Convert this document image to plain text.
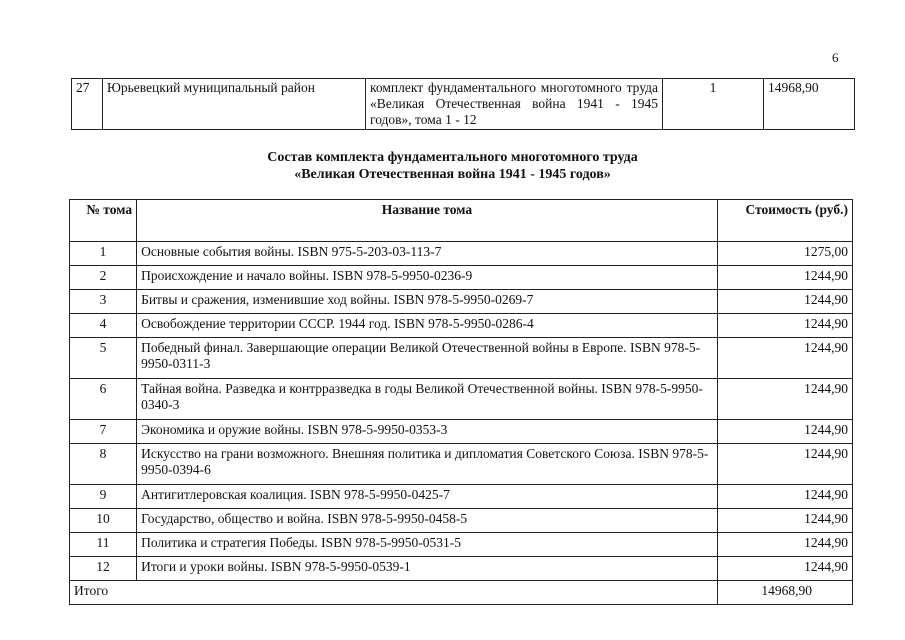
6
27	Юрьевецкий муниципальный район	комплект фундаментального многотомного труда «Великая Отечественная война 1941 - 1945 годов», тома 1 - 12	1	14968,90
Состав комплекта фундаментального многотомного труда
«Великая Отечественная война 1941 - 1945 годов»
№ тома	Название тома	Стоимость (руб.)
1	Основные события войны. ISBN 975-5-203-03-113-7	1275,00
2	Происхождение и начало войны. ISBN 978-5-9950-0236-9	1244,90
3	Битвы и сражения, изменившие ход войны. ISBN 978-5-9950-0269-7	1244,90
4	Освобождение территории СССР. 1944 год. ISBN 978-5-9950-0286-4	1244,90
5	Победный финал. Завершающие операции Великой Отечественной войны в Европе. ISBN 978-5-9950-0311-3	1244,90
6	Тайная война. Разведка и контрразведка в годы Великой Отечественной войны. ISBN 978-5-9950-0340-3	1244,90
7	Экономика и оружие войны. ISBN 978-5-9950-0353-3	1244,90
8	Искусство на грани возможного. Внешняя политика и дипломатия Советского Союза. ISBN 978-5-9950-0394-6	1244,90
9	Антигитлеровская коалиция. ISBN 978-5-9950-0425-7	1244,90
10	Государство, общество и война. ISBN 978-5-9950-0458-5	1244,90
11	Политика и стратегия Победы. ISBN 978-5-9950-0531-5	1244,90
12	Итоги и уроки войны. ISBN 978-5-9950-0539-1	1244,90
Итого		14968,90
